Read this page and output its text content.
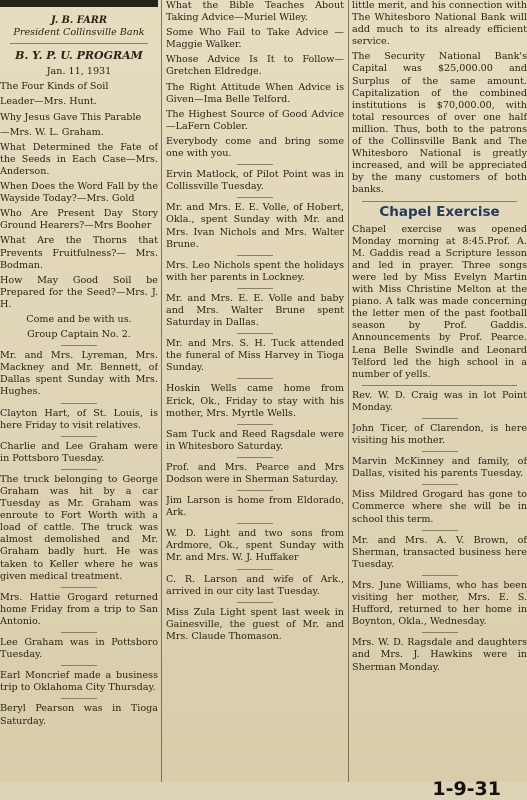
J. B. FARR
President Collinsville Bank
B. Y. P. U. PROGRAM
Jan. 11, 1931
The Four Kinds of Soil
Leader—Mrs. Hunt.
Why Jesus Gave This Parable
—Mrs. W. L. Graham.
What Determined the Fate of the Seeds in Each Case—Mrs. Anderson.
When Does the Word Fall by the Wayside Today?—Mrs. Gold
Who Are Present Day Story Ground Hearers?—Mrs Booher
What Are the Thorns that Prevents Fruitfulness?— Mrs. Bodman.
How May Good Soil be Prepared for the Seed?—Mrs. J. H.
Come and be with us.
Group Captain No. 2.
Mr. and Mrs. Lyreman, Mrs. Mackney and Mr. Bennett, of Dallas spent Sunday with Mrs. Hughes.
Clayton Hart, of St. Louis, is here Friday to visit relatives.
Charlie and Lee Graham were in Pottsboro Tuesday.
The truck belonging to George Graham was hit by a car Tuesday as Mr. Graham was enroute to Fort Worth with a load of cattle. The truck was almost demolished and Mr. Graham badly hurt. He was taken to Keller where he was given medical treatment.
Mrs. Hattie Grogard returned home Friday from a trip to San Antonio.
Lee Graham was in Pottsboro Tuesday.
Earl Moncrief made a business trip to Oklahoma City Thursday.
Beryl Pearson was in Tioga Saturday.
What the Bible Teaches About Taking Advice—Muriel Wiley.
Some Who Fail to Take Advice —Maggie Walker.
Whose Advice Is It to Follow—Gretchen Eldredge.
The Right Attitude When Advice is Given—Ima Belle Telford.
The Highest Source of Good Advice—LaFern Cobler.
Everybody come and bring some one with you.
Ervin Matlock, of Pilot Point was in Collissville Tuesday.
Mr. and Mrs. E. E. Volle, of Hobert, Okla., spent Sunday with Mr. and Mrs. Ivan Nichols and Mrs. Walter Brune.
Mrs. Leo Nichols spent the holidays with her parents in Lockney.
Mr. and Mrs. E. E. Volle and baby and Mrs. Walter Brune spent Saturday in Dallas.
Mr. and Mrs. S. H. Tuck attended the funeral of Miss Harvey in Tioga Sunday.
Hoskin Wells came home from Erick, Ok., Friday to stay with his mother, Mrs. Myrtle Wells.
Sam Tuck and Reed Ragsdale were in Whitesboro Saturday.
Prof. and Mrs. Pearce and Mrs Dodson were in Sherman Saturday.
Jim Larson is home from Eldorado, Ark.
W. D. Light and two sons from Ardmore, Ok., spent Sunday with Mr. and Mrs. W. J. Huffaker
C. R. Larson and wife of Ark., arrived in our city last Tuesday.
Miss Zula Light spent last week in Gainesville, the guest of Mr. and Mrs. Claude Thomason.
little merit, and his connection with The Whitesboro National Bank will add much to its already efficient service.
The Security National Bank's Capital was $25,000.00 and Surplus of the same amount. Capitalization of the combined institutions is $70,000.00, with total resources of over one half million. Thus, both to the patrons of the Collinsville Bank and The Whitesboro National is greatly increased, and will be appreciated by the many customers of both banks.
Chapel Exercise
Chapel exercise was opened Monday morning at 8:45.Prof. A. M. Gaddis read a Scripture lesson and led in prayer. Three songs were led by Miss Evelyn Martin with Miss Christine Melton at the piano. A talk was made concerning the letter men of the past football season by Prof. Gaddis. Announcements by Prof. Pearce. Lena Belle Swindle and Leonard Telford led the high school in a number of yells.
Rev. W. D. Craig was in lot Point Monday.
John Ticer, of Clarendon, is here visiting his mother.
Marvin McKinney and family, of Dallas, visited his parents Tuesday.
Miss Mildred Grogard has gone to Commerce where she will be in school this term.
Mr. and Mrs. A. V. Brown, of Sherman, transacted business here Tuesday.
Mrs. June Williams, who has been visiting her mother, Mrs. E. S. Hufford, returned to her home in Boynton, Okla., Wednesday.
Mrs. W. D. Ragsdale and daughters and Mrs. J. Hawkins were in Sherman Monday.
1-9-31
